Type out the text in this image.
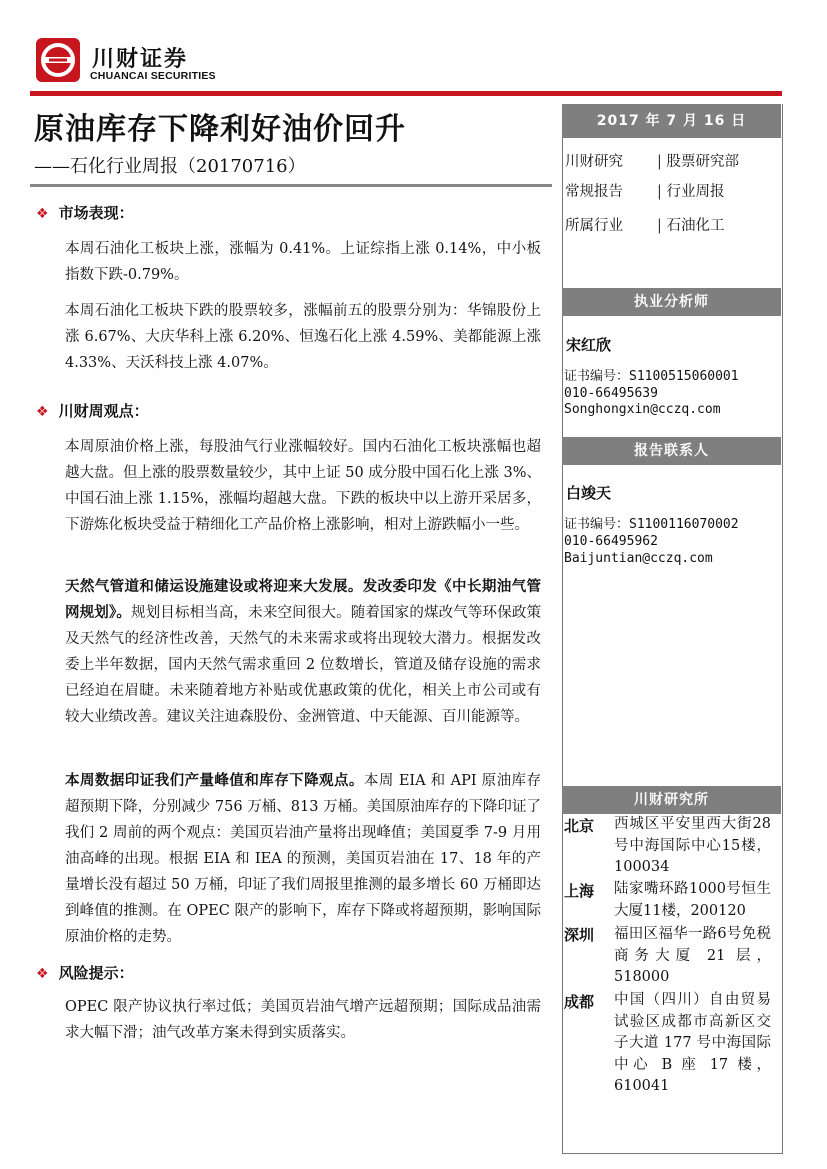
川财证券
CHUANCAI SECURITIES
原油库存下降利好油价回升
——石化行业周报（20170716）
2017 年 7 月 16 日
川财研究	| 股票研究部
常规报告	| 行业周报
所属行业	| 石油化工
执业分析师
宋红欣
证书编号：S1100515060001
010-66495639
Songhongxin@cczq.com
报告联系人
白竣天
证书编号：S1100116070002
010-66495962
Baijuntian@cczq.com
川财研究所
北京 西城区平安里西大街28号中海国际中心15楼，100034
上海 陆家嘴环路1000号恒生大厦11楼，200120
深圳 福田区福华一路6号免税商务大厦 21 层，518000
成都 中国（四川）自由贸易试验区成都市高新区交子大道 177 号中海国际中心 B 座 17 楼，610041
❖ 市场表现：
本周石油化工板块上涨，涨幅为 0.41%。上证综指上涨 0.14%，中小板指数下跌-0.79%。
本周石油化工板块下跌的股票较多，涨幅前五的股票分别为：华锦股份上涨 6.67%、大庆华科上涨 6.20%、恒逸石化上涨 4.59%、美都能源上涨 4.33%、天沃科技上涨 4.07%。
❖ 川财周观点：
本周原油价格上涨，每股油气行业涨幅较好。国内石油化工板块涨幅也超越大盘。但上涨的股票数量较少，其中上证 50 成分股中国石化上涨 3%、中国石油上涨 1.15%，涨幅均超越大盘。下跌的板块中以上游开采居多，下游炼化板块受益于精细化工产品价格上涨影响，相对上游跌幅小一些。
天然气管道和储运设施建设或将迎来大发展。发改委印发《中长期油气管网规划》。规划目标相当高，未来空间很大。随着国家的煤改气等环保政策及天然气的经济性改善，天然气的未来需求或将出现较大潜力。根据发改委上半年数据，国内天然气需求重回 2 位数增长，管道及储存设施的需求已经迫在眉睫。未来随着地方补贴或优惠政策的优化，相关上市公司或有较大业绩改善。建议关注迪森股份、金洲管道、中天能源、百川能源等。
本周数据印证我们产量峰值和库存下降观点。本周 EIA 和 API 原油库存超预期下降，分别减少 756 万桶、813 万桶。美国原油库存的下降印证了我们 2 周前的两个观点：美国页岩油产量将出现峰值；美国夏季 7-9 月用油高峰的出现。根据 EIA 和 IEA 的预测，美国页岩油在 17、18 年的产量增长没有超过 50 万桶，印证了我们周报里推测的最多增长 60 万桶即达到峰值的推测。在 OPEC 限产的影响下，库存下降或将超预期，影响国际原油价格的走势。
❖ 风险提示：
OPEC 限产协议执行率过低；美国页岩油气增产远超预期；国际成品油需求大幅下滑；油气改革方案未得到实质落实。
